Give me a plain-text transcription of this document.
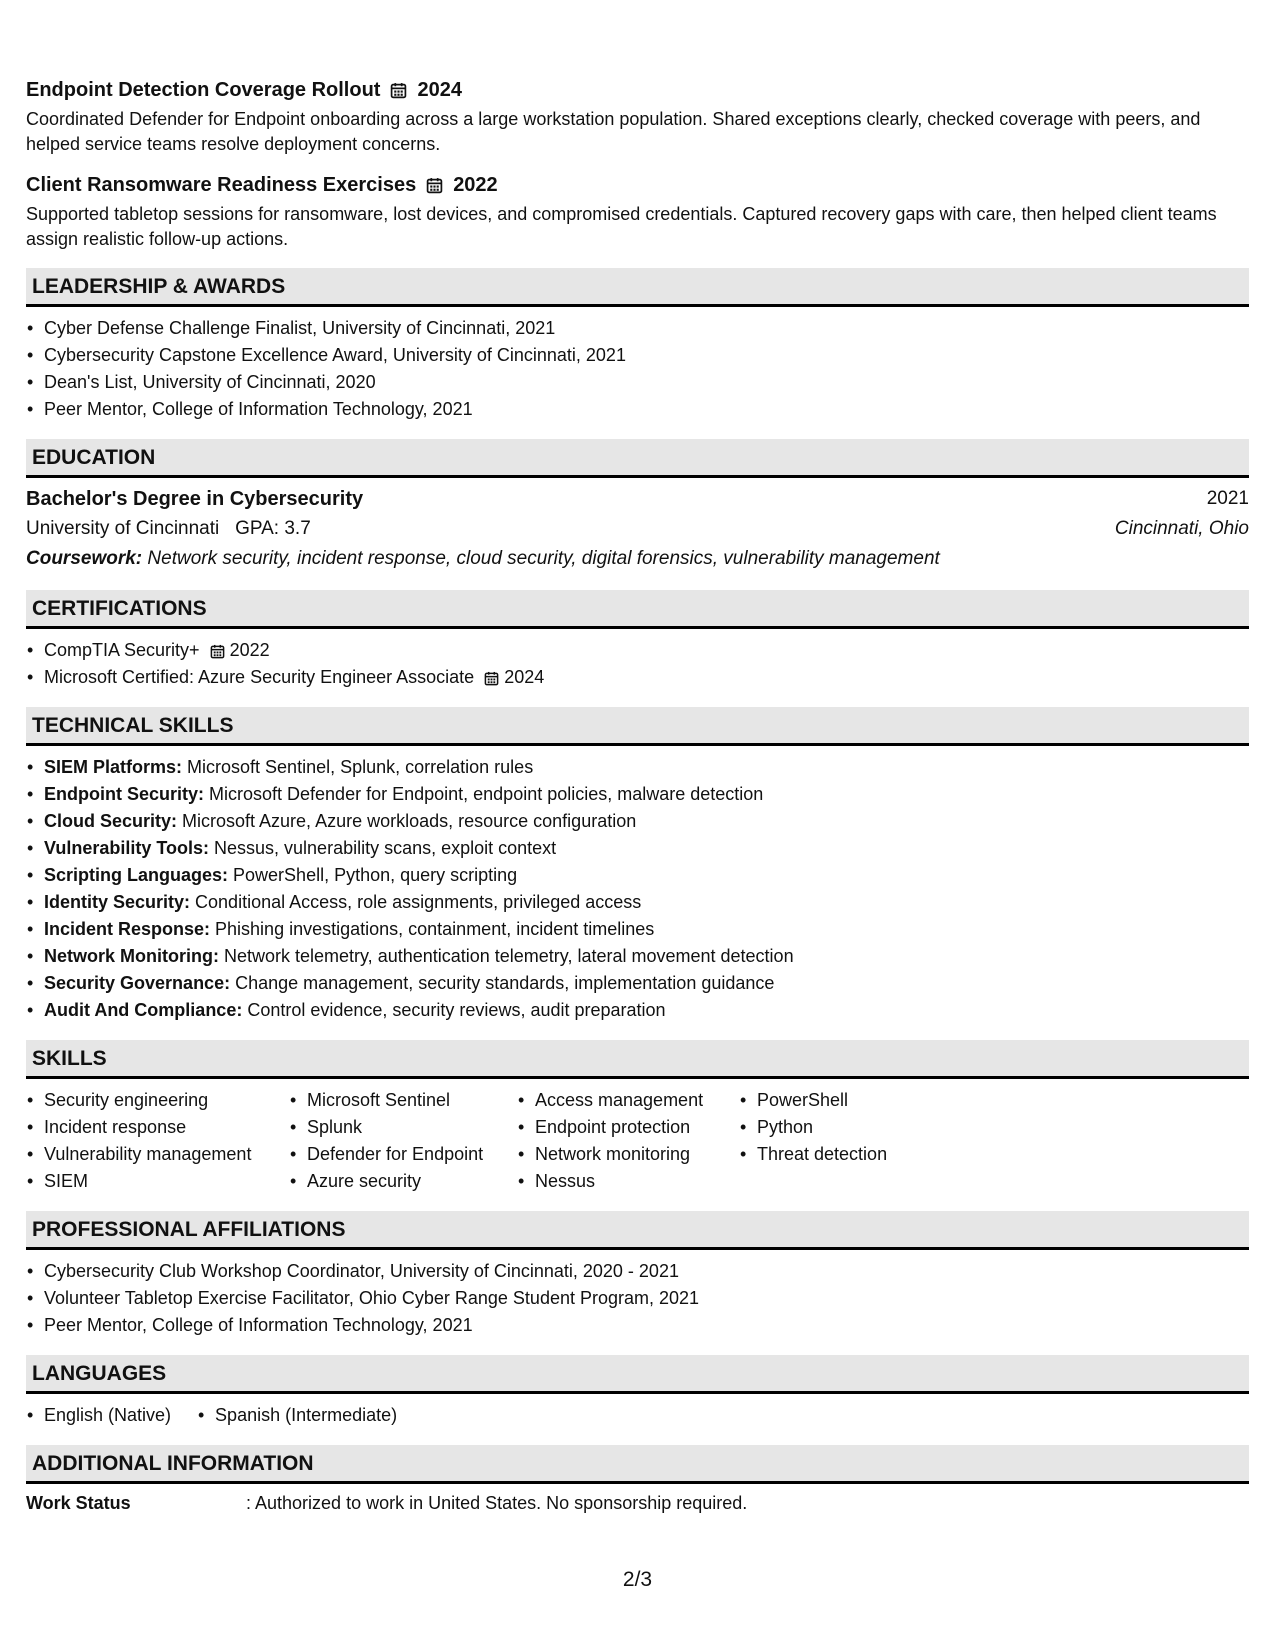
Endpoint Detection Coverage Rollout 2024

Coordinated Defender for Endpoint onboarding across a large workstation population. Shared exceptions clearly, checked coverage with peers, and helped service teams resolve deployment concerns.

Client Ransomware Readiness Exercises 2022

Supported tabletop sessions for ransomware, lost devices, and compromised credentials. Captured recovery gaps with care, then helped client teams assign realistic follow-up actions.

LEADERSHIP & AWARDS
• Cyber Defense Challenge Finalist, University of Cincinnati, 2021
• Cybersecurity Capstone Excellence Award, University of Cincinnati, 2021
• Dean's List, University of Cincinnati, 2020
• Peer Mentor, College of Information Technology, 2021
EDUCATION
Bachelor's Degree in Cybersecurity	2021
University of Cincinnati   GPA: 3.7	Cincinnati, Ohio
Coursework: Network security, incident response, cloud security, digital forensics, vulnerability management
CERTIFICATIONS
• CompTIA Security+ 2022
• Microsoft Certified: Azure Security Engineer Associate 2024
TECHNICAL SKILLS
• SIEM Platforms: Microsoft Sentinel, Splunk, correlation rules
• Endpoint Security: Microsoft Defender for Endpoint, endpoint policies, malware detection
• Cloud Security: Microsoft Azure, Azure workloads, resource configuration
• Vulnerability Tools: Nessus, vulnerability scans, exploit context
• Scripting Languages: PowerShell, Python, query scripting
• Identity Security: Conditional Access, role assignments, privileged access
• Incident Response: Phishing investigations, containment, incident timelines
• Network Monitoring: Network telemetry, authentication telemetry, lateral movement detection
• Security Governance: Change management, security standards, implementation guidance
• Audit And Compliance: Control evidence, security reviews, audit preparation
SKILLS
• Security engineering
• Incident response
• Vulnerability management
• SIEM
• Microsoft Sentinel
• Splunk
• Defender for Endpoint
• Azure security
• Access management
• Endpoint protection
• Network monitoring
• Nessus
• PowerShell
• Python
• Threat detection
PROFESSIONAL AFFILIATIONS
• Cybersecurity Club Workshop Coordinator, University of Cincinnati, 2020 - 2021
• Volunteer Tabletop Exercise Facilitator, Ohio Cyber Range Student Program, 2021
• Peer Mentor, College of Information Technology, 2021
LANGUAGES
• English (Native)
• Spanish (Intermediate)
ADDITIONAL INFORMATION
Work Status	: Authorized to work in United States. No sponsorship required.
2/3
